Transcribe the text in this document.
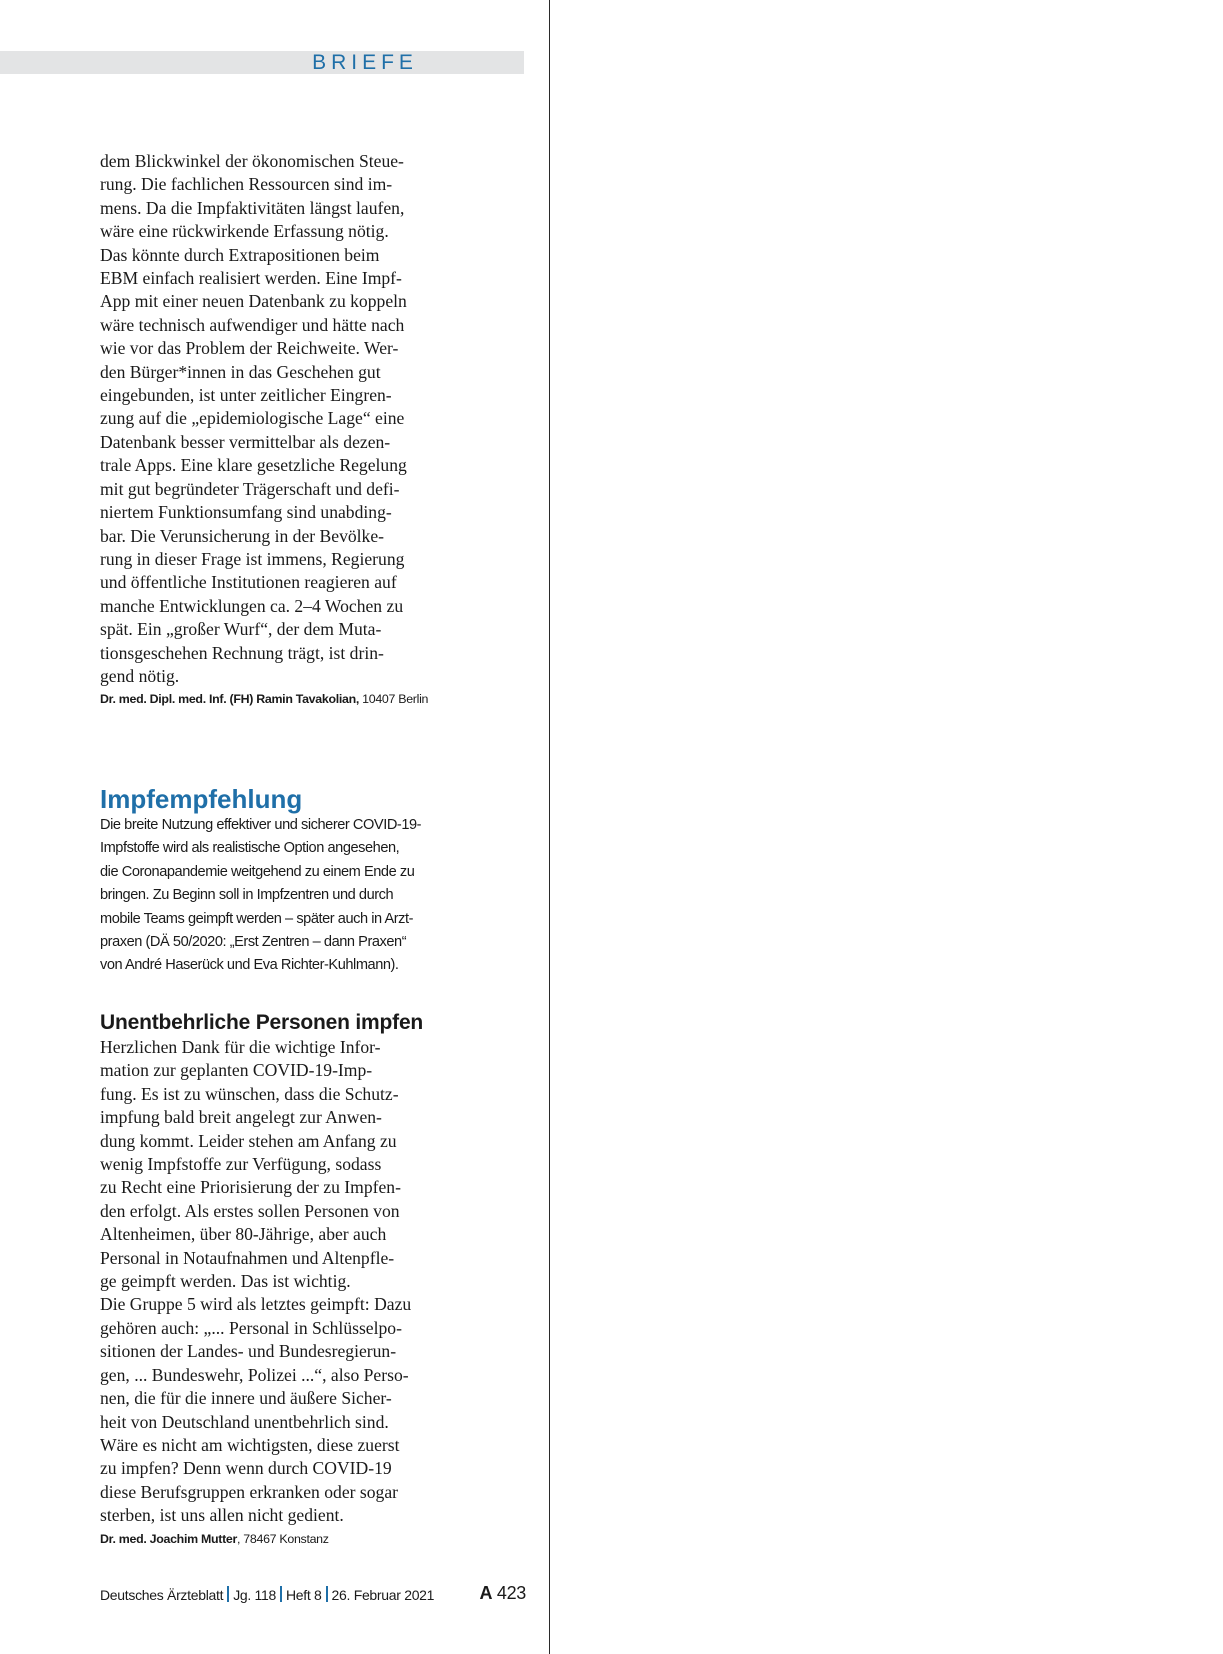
BRIEFE

dem Blickwinkel der ökonomischen Steue-
rung. Die fachlichen Ressourcen sind im-
mens. Da die Impfaktivitäten längst laufen,
wäre eine rückwirkende Erfassung nötig.
Das könnte durch Extrapositionen beim
EBM einfach realisiert werden. Eine Impf-
App mit einer neuen Datenbank zu koppeln
wäre technisch aufwendiger und hätte nach
wie vor das Problem der Reichweite. Wer-
den Bürger*innen in das Geschehen gut
eingebunden, ist unter zeitlicher Eingren-
zung auf die „epidemiologische Lage“ eine
Datenbank besser vermittelbar als dezen-
trale Apps. Eine klare gesetzliche Regelung
mit gut begründeter Trägerschaft und defi-
niertem Funktionsumfang sind unabding-
bar. Die Verunsicherung in der Bevölke-
rung in dieser Frage ist immens, Regierung
und öffentliche Institutionen reagieren auf
manche Entwicklungen ca. 2–4 Wochen zu
spät. Ein „großer Wurf“, der dem Muta-
tionsgeschehen Rechnung trägt, ist drin-
gend nötig.

Dr. med. Dipl. med. Inf. (FH) Ramin Tavakolian, 10407 Berlin
Impfempfehlung

Die breite Nutzung effektiver und sicherer COVID-19-
Impfstoffe wird als realistische Option angesehen,
die Coronapandemie weitgehend zu einem Ende zu
bringen. Zu Beginn soll in Impfzentren und durch
mobile Teams geimpft werden – später auch in Arzt-
praxen (DÄ 50/2020: „Erst Zentren – dann Praxen“
von André Haserück und Eva Richter-Kuhlmann).

Unentbehrliche Personen impfen

Herzlichen Dank für die wichtige Infor-
mation zur geplanten COVID-19-Imp-
fung. Es ist zu wünschen, dass die Schutz-
impfung bald breit angelegt zur Anwen-
dung kommt. Leider stehen am Anfang zu
wenig Impfstoffe zur Verfügung, sodass
zu Recht eine Priorisierung der zu Impfen-
den erfolgt. Als erstes sollen Personen von
Altenheimen, über 80-Jährige, aber auch
Personal in Notaufnahmen und Altenpfle-
ge geimpft werden. Das ist wichtig.
Die Gruppe 5 wird als letztes geimpft: Dazu
gehören auch: „... Personal in Schlüsselpo-
sitionen der Landes- und Bundesregierun-
gen, ... Bundeswehr, Polizei ...“, also Perso-
nen, die für die innere und äußere Sicher-
heit von Deutschland unentbehrlich sind.
Wäre es nicht am wichtigsten, diese zuerst
zu impfen? Denn wenn durch COVID-19
diese Berufsgruppen erkranken oder sogar
sterben, ist uns allen nicht gedient.

Dr. med. Joachim Mutter, 78467 Konstanz
Deutsches Ärzteblatt Jg. 118 Heft 8 26. Februar 2021	A 423
